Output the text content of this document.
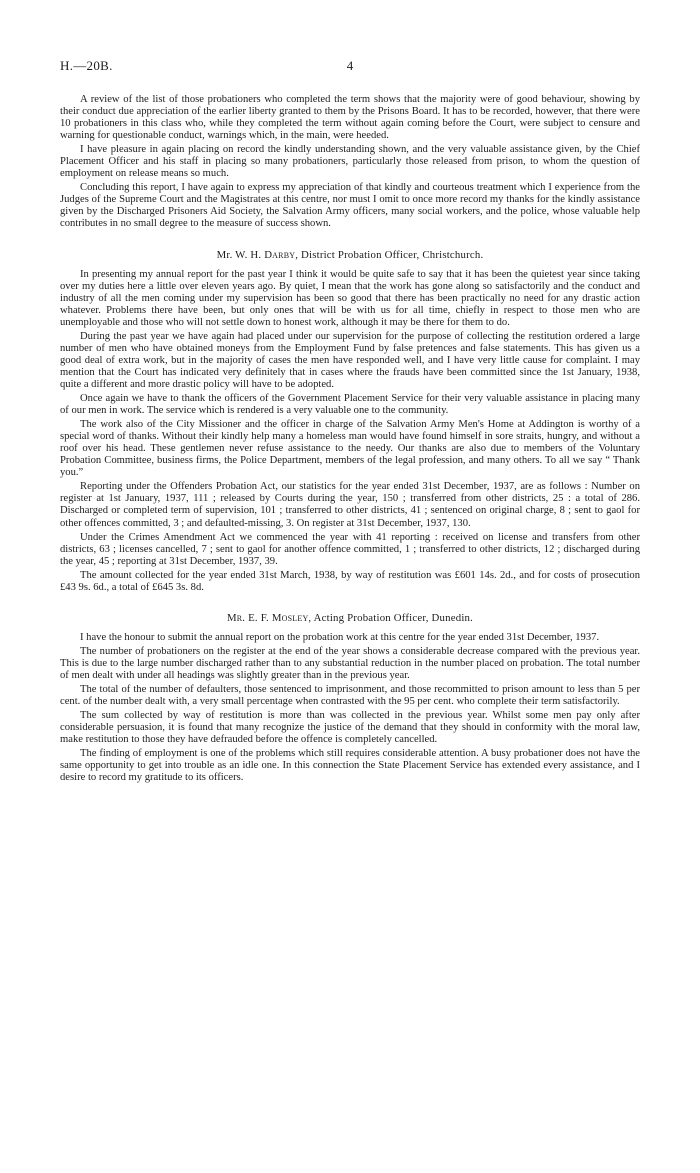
H.—20B.	4

A review of the list of those probationers who completed the term shows that the majority were of good behaviour, showing by their conduct due appreciation of the earlier liberty granted to them by the Prisons Board. It has to be recorded, however, that there were 10 probationers in this class who, while they completed the term without again coming before the Court, were subject to censure and warning for questionable conduct, warnings which, in the main, were heeded.

I have pleasure in again placing on record the kindly understanding shown, and the very valuable assistance given, by the Chief Placement Officer and his staff in placing so many probationers, particularly those released from prison, to whom the question of employment on release means so much.

Concluding this report, I have again to express my appreciation of that kindly and courteous treatment which I experience from the Judges of the Supreme Court and the Magistrates at this centre, nor must I omit to once more record my thanks for the kindly assistance given by the Discharged Prisoners Aid Society, the Salvation Army officers, many social workers, and the police, whose valuable help contributes in no small degree to the measure of success shown.

Mr. W. H. Darby, District Probation Officer, Christchurch.

In presenting my annual report for the past year I think it would be quite safe to say that it has been the quietest year since taking over my duties here a little over eleven years ago. By quiet, I mean that the work has gone along so satisfactorily and the conduct and industry of all the men coming under my supervision has been so good that there has been practically no need for any drastic action whatever. Problems there have been, but only ones that will be with us for all time, chiefly in respect to those men who are unemployable and those who will not settle down to honest work, although it may be there for them to do.

During the past year we have again had placed under our supervision for the purpose of collecting the restitution ordered a large number of men who have obtained moneys from the Employment Fund by false pretences and false statements. This has given us a good deal of extra work, but in the majority of cases the men have responded well, and I have very little cause for complaint. I may mention that the Court has indicated very definitely that in cases where the frauds have been committed since the 1st January, 1938, quite a different and more drastic policy will have to be adopted.

Once again we have to thank the officers of the Government Placement Service for their very valuable assistance in placing many of our men in work. The service which is rendered is a very valuable one to the community.

The work also of the City Missioner and the officer in charge of the Salvation Army Men's Home at Addington is worthy of a special word of thanks. Without their kindly help many a homeless man would have found himself in sore straits, hungry, and without a roof over his head. These gentlemen never refuse assistance to the needy. Our thanks are also due to members of the Voluntary Probation Committee, business firms, the Police Department, members of the legal profession, and many others. To all we say “ Thank you.”

Reporting under the Offenders Probation Act, our statistics for the year ended 31st December, 1937, are as follows : Number on register at 1st January, 1937, 111 ; released by Courts during the year, 150 ; transferred from other districts, 25 : a total of 286. Discharged or completed term of supervision, 101 ; transferred to other districts, 41 ; sentenced on original charge, 8 ; sent to gaol for other offences committed, 3 ; and defaulted-missing, 3. On register at 31st December, 1937, 130.

Under the Crimes Amendment Act we commenced the year with 41 reporting : received on license and transfers from other districts, 63 ; licenses cancelled, 7 ; sent to gaol for another offence committed, 1 ; transferred to other districts, 12 ; discharged during the year, 45 ; reporting at 31st December, 1937, 39.

The amount collected for the year ended 31st March, 1938, by way of restitution was £601 14s. 2d., and for costs of prosecution £43 9s. 6d., a total of £645 3s. 8d.

Mr. E. F. Mosley, Acting Probation Officer, Dunedin.

I have the honour to submit the annual report on the probation work at this centre for the year ended 31st December, 1937.

The number of probationers on the register at the end of the year shows a considerable decrease compared with the previous year. This is due to the large number discharged rather than to any substantial reduction in the number placed on probation. The total number of men dealt with under all headings was slightly greater than in the previous year.

The total of the number of defaulters, those sentenced to imprisonment, and those recommitted to prison amount to less than 5 per cent. of the number dealt with, a very small percentage when contrasted with the 95 per cent. who complete their term satisfactorily.

The sum collected by way of restitution is more than was collected in the previous year. Whilst some men pay only after considerable persuasion, it is found that many recognize the justice of the demand that they should in conformity with the moral law, make restitution to those they have defrauded before the offence is completely cancelled.

The finding of employment is one of the problems which still requires considerable attention. A busy probationer does not have the same opportunity to get into trouble as an idle one. In this connection the State Placement Service has extended every assistance, and I desire to record my gratitude to its officers.
